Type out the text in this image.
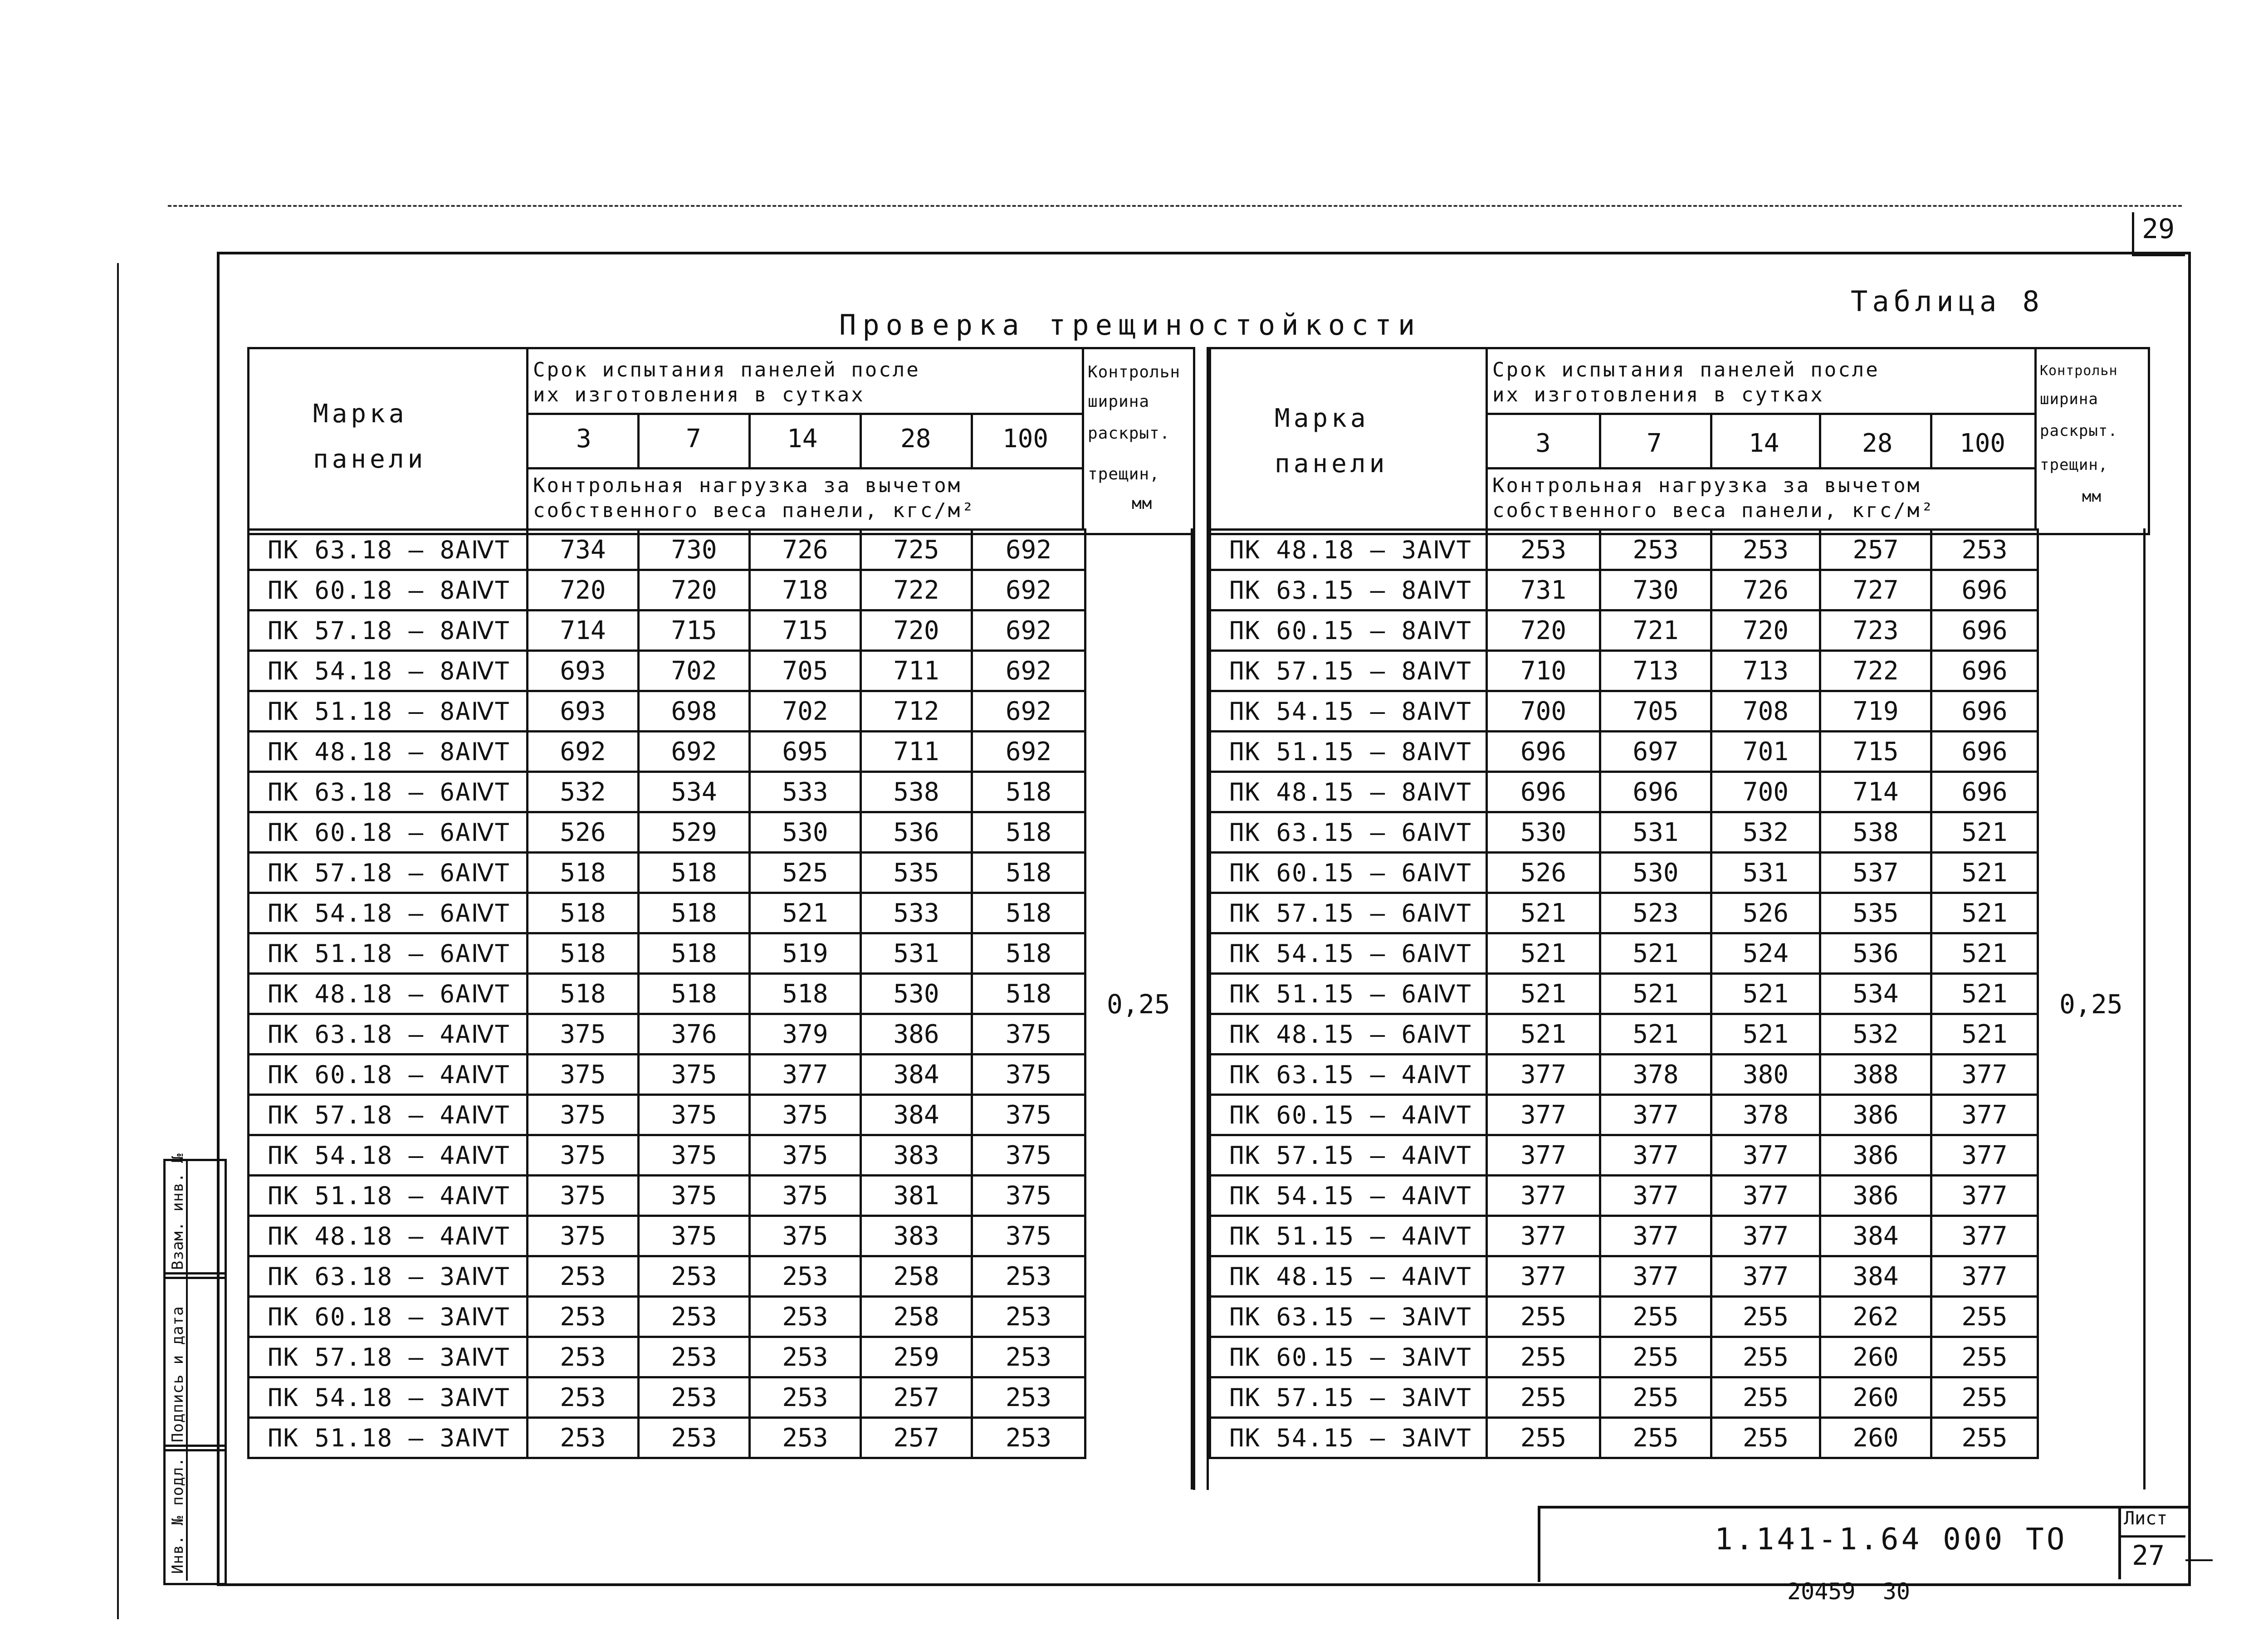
29
Проверка трещиностойкости
Таблица 8
Марка
панели
Срок испытания панелей после
их изготовления в сутках
3	7	14	28	100
Контрольная нагрузка за вычетом
собственного веса панели, кгс/м²
Контрольн
ширина
раскрыт.
трещин,
мм
ПК 63.18 – 8АⅣТ	734	730	726	725	692
ПК 60.18 – 8АⅣТ	720	720	718	722	692
ПК 57.18 – 8АⅣТ	714	715	715	720	692
ПК 54.18 – 8АⅣТ	693	702	705	711	692
ПК 51.18 – 8АⅣТ	693	698	702	712	692
ПК 48.18 – 8АⅣТ	692	692	695	711	692
ПК 63.18 – 6АⅣТ	532	534	533	538	518
ПК 60.18 – 6АⅣТ	526	529	530	536	518
ПК 57.18 – 6АⅣТ	518	518	525	535	518
ПК 54.18 – 6АⅣТ	518	518	521	533	518
ПК 51.18 – 6АⅣТ	518	518	519	531	518
ПК 48.18 – 6АⅣТ	518	518	518	530	518
ПК 63.18 – 4АⅣТ	375	376	379	386	375
ПК 60.18 – 4АⅣТ	375	375	377	384	375
ПК 57.18 – 4АⅣТ	375	375	375	384	375
ПК 54.18 – 4АⅣТ	375	375	375	383	375
ПК 51.18 – 4АⅣТ	375	375	375	381	375
ПК 48.18 – 4АⅣТ	375	375	375	383	375
ПК 63.18 – 3АⅣТ	253	253	253	258	253
ПК 60.18 – 3АⅣТ	253	253	253	258	253
ПК 57.18 – 3АⅣТ	253	253	253	259	253
ПК 54.18 – 3АⅣТ	253	253	253	257	253
ПК 51.18 – 3АⅣТ	253	253	253	257	253
0,25
Марка
панели
Срок испытания панелей после
их изготовления в сутках
3	7	14	28	100
Контрольная нагрузка за вычетом
собственного веса панели, кгс/м²
Контрольн
ширина
раскрыт.
трещин,
мм
ПК 48.18 – 3АⅣТ	253	253	253	257	253
ПК 63.15 – 8АⅣТ	731	730	726	727	696
ПК 60.15 – 8АⅣТ	720	721	720	723	696
ПК 57.15 – 8АⅣТ	710	713	713	722	696
ПК 54.15 – 8АⅣТ	700	705	708	719	696
ПК 51.15 – 8АⅣТ	696	697	701	715	696
ПК 48.15 – 8АⅣТ	696	696	700	714	696
ПК 63.15 – 6АⅣТ	530	531	532	538	521
ПК 60.15 – 6АⅣТ	526	530	531	537	521
ПК 57.15 – 6АⅣТ	521	523	526	535	521
ПК 54.15 – 6АⅣТ	521	521	524	536	521
ПК 51.15 – 6АⅣТ	521	521	521	534	521
ПК 48.15 – 6АⅣТ	521	521	521	532	521
ПК 63.15 – 4АⅣТ	377	378	380	388	377
ПК 60.15 – 4АⅣТ	377	377	378	386	377
ПК 57.15 – 4АⅣТ	377	377	377	386	377
ПК 54.15 – 4АⅣТ	377	377	377	386	377
ПК 51.15 – 4АⅣТ	377	377	377	384	377
ПК 48.15 – 4АⅣТ	377	377	377	384	377
ПК 63.15 – 3АⅣТ	255	255	255	262	255
ПК 60.15 – 3АⅣТ	255	255	255	260	255
ПК 57.15 – 3АⅣТ	255	255	255	260	255
ПК 54.15 – 3АⅣТ	255	255	255	260	255
0,25
Взам. инв. №
Подпись и дата
Инв. № подл.	1.141-1.64 000 ТО
Лист
27
20459  30
